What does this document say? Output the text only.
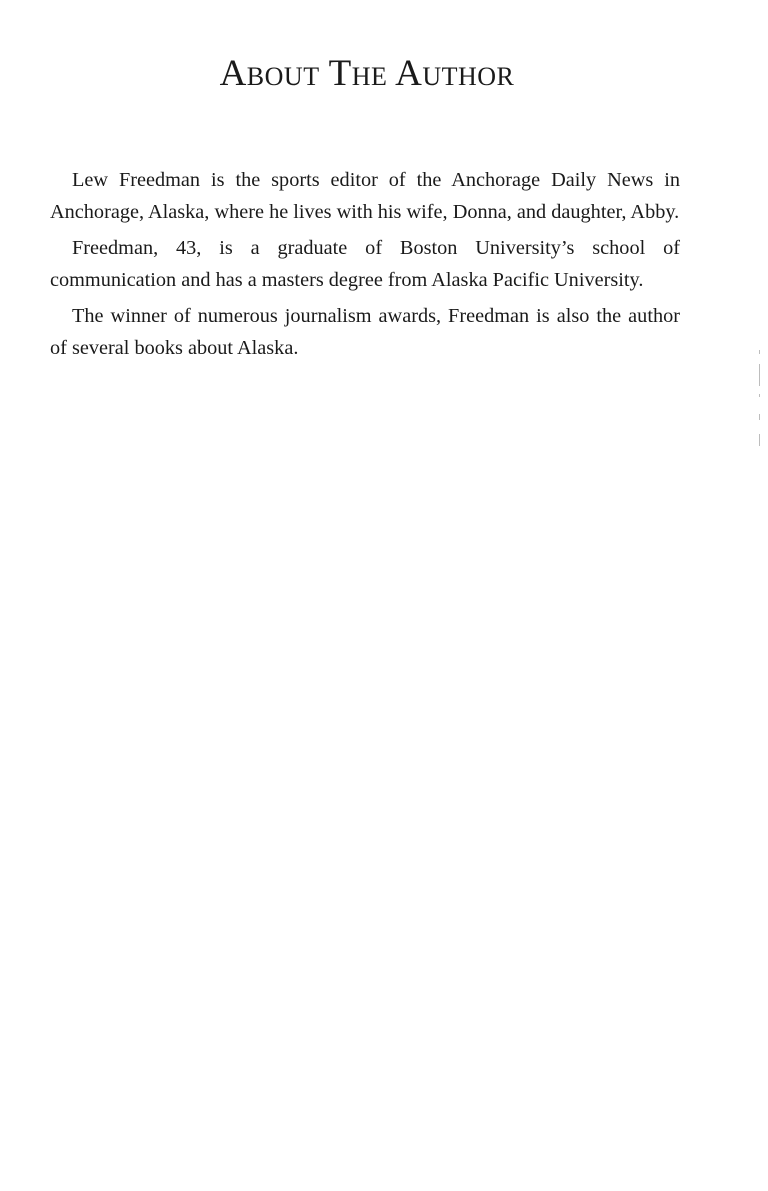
About The Author

Lew Freedman is the sports editor of the Anchorage Daily News in Anchorage, Alaska, where he lives with his wife, Donna, and daughter, Abby.

Freedman, 43, is a graduate of Boston University’s school of communication and has a masters degree from Alaska Pacific University.

The winner of numerous journalism awards, Freedman is also the author of several books about Alaska.
